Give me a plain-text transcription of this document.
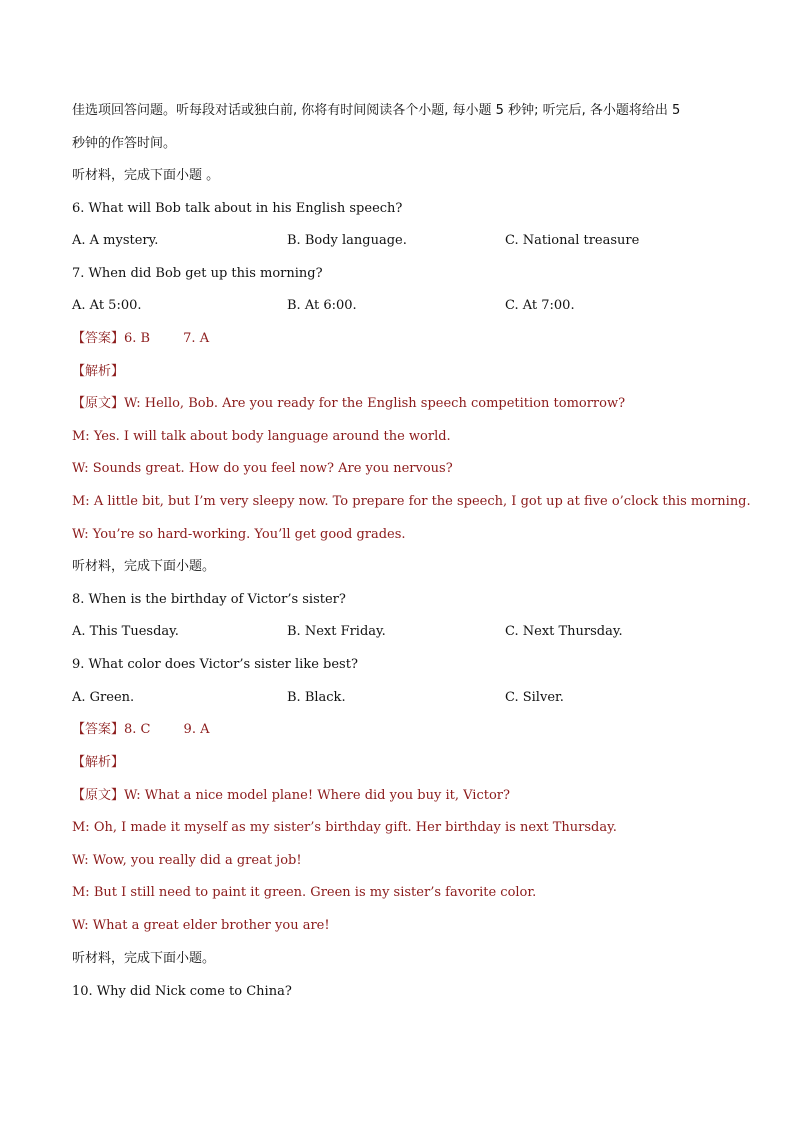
佳选项回答问题。听每段对话或独白前, 你将有时间阅读各个小题, 每小题 5 秒钟; 听完后, 各小题将给出 5
秒钟的作答时间。
听材料，完成下面小题 。
6. What will Bob talk about in his English speech?
A. A mystery.	B. Body language.	C. National treasure
7. When did Bob get up this morning?
A. At 5:00.	B. At 6:00.	C. At 7:00.
【答案】6. B        7. A
【解析】
【原文】W: Hello, Bob. Are you ready for the English speech competition tomorrow?
M: Yes. I will talk about body language around the world.
W: Sounds great. How do you feel now? Are you nervous?
M: A little bit, but I’m very sleepy now. To prepare for the speech, I got up at five o’clock this morning.
W: You’re so hard-working. You’ll get good grades.
听材料，完成下面小题。
8. When is the birthday of Victor’s sister?
A. This Tuesday.	B. Next Friday.	C. Next Thursday.
9. What color does Victor’s sister like best?
A. Green.	B. Black.	C. Silver.
【答案】8. C        9. A
【解析】
【原文】W: What a nice model plane! Where did you buy it, Victor?
M: Oh, I made it myself as my sister’s birthday gift. Her birthday is next Thursday.
W: Wow, you really did a great job!
M: But I still need to paint it green. Green is my sister’s favorite color.
W: What a great elder brother you are!
听材料，完成下面小题。
10. Why did Nick come to China?
